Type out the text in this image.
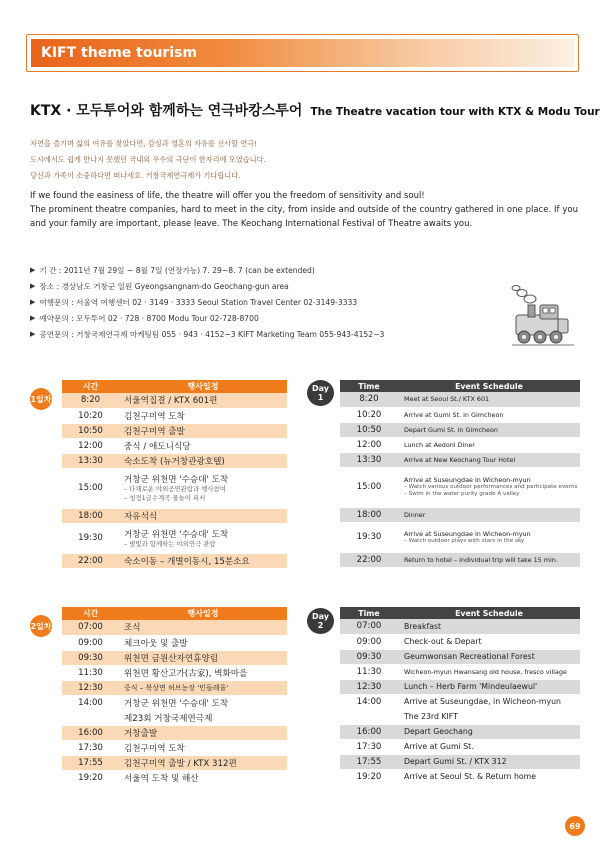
KIFT theme tourism
KTX · 모두투어와 함께하는 연극바캉스투어 The Theatre vacation tour with KTX & Modu Tour
자연을 즐기며 삶의 여유를 찾았다면, 감성과 영혼의 자유를 선사할 연극!
도시에서도 쉽게 만나지 못했던 국내외 우수의 극단이 한자리에 모였습니다.
당신과 가족이 소중하다면 떠나세요. 거창국제연극제가 기다립니다.
If we found the easiness of life, the theatre will offer you the freedom of sensitivity and soul!
The prominent theatre companies, hard to meet in the city, from inside and outside of the country gathered in one place. If you and your family are important, please leave. The Keochang International Festival of Theatre awaits you.
▶ 기 간 : 2011년 7월 29일 ~ 8월 7일 (연장가능) 7. 29~8. 7 (can be extended)
▶ 장소 : 경상남도 거창군 일원 Gyeongsangnam-do Geochang-gun area
▶ 여행문의 : 서울역 여행센터 02 · 3149 · 3333 Seoul Station Travel Center 02-3149-3333
▶ 예약문의 : 모두투어 02 · 728 · 8700 Modu Tour 02-728-8700
▶ 공연문의 : 거창국제연극제 마케팅팀 055 · 943 · 4152~3 KIFT Marketing Team 055-943-4152~3
1일차
시간	행사일정
8:20	서울역집결 / KTX 601편
10:20	김천구미역 도착
10:50	김천구미역 출발
12:00	중식 / 애도니식당
13:30	숙소도착 (뉴거창관광호텔)
15:00	거창군 위천면 '수승대' 도착
– 다채로운 야외공연관람과 행사참여
– 청정1급수계곡 물놀이 피서

18:00	자유석식
19:30	거창군 위천면 '수승대' 도착
– 별빛과 함께하는 야외연극 관람

22:00	숙소이동 – 개별이동시, 15분소요
Day
1
Time	Event Schedule
8:20	Meet at Seoul St./ KTX 601
10:20	Arrive at Gumi St. in Gimcheon
10:50	Depart Gumi St. in Gimcheon
12:00	Lunch at Aedoni Diner
13:30	Arrive at New Keochang Tour Hotel
15:00	Arrive at Suseungdae in Wicheon-myun
– Watch various outdoor performances and participate events
– Swim in the water purity grade A valley

18:00	Dinner
19:30	Arrive at Suseungdae in Wicheon-myun
– Watch outdoor plays with stars in the sky

22:00	Return to hotel – individual trip will take 15 min.
2일차
시간	행사일정
07:00	조식
09:00	체크아웃 및 출발
09:30	위천면 금원산자연휴양림
11:30	위천면 황산고가(古家), 벽화마을
12:30	중식 – 북상면 허브농장 '민들레울'
14:00	거창군 위천면 '수승대' 도착
	제23회 거창국제연극제
16:00	거창출발
17:30	김천구미역 도착
17:55	김천구미역 출발 / KTX 312편
19:20	서울역 도착 및 해산
Day
2
Time	Event Schedule
07:00	Breakfast
09:00	Check-out & Depart
09:30	Geumwonsan Recreational Forest
11:30	Wicheon-myun Hwansang old house, fresco village
12:30	Lunch – Herb Farm 'Mindeulaewul'
14:00	Arrive at Suseungdae, in Wicheon-myun
	The 23rd KIFT
16:00	Depart Geochang
17:30	Arrive at Gumi St.
17:55	Depart Gumi St. / KTX 312
19:20	Arrive at Seoul St. & Return home
69
